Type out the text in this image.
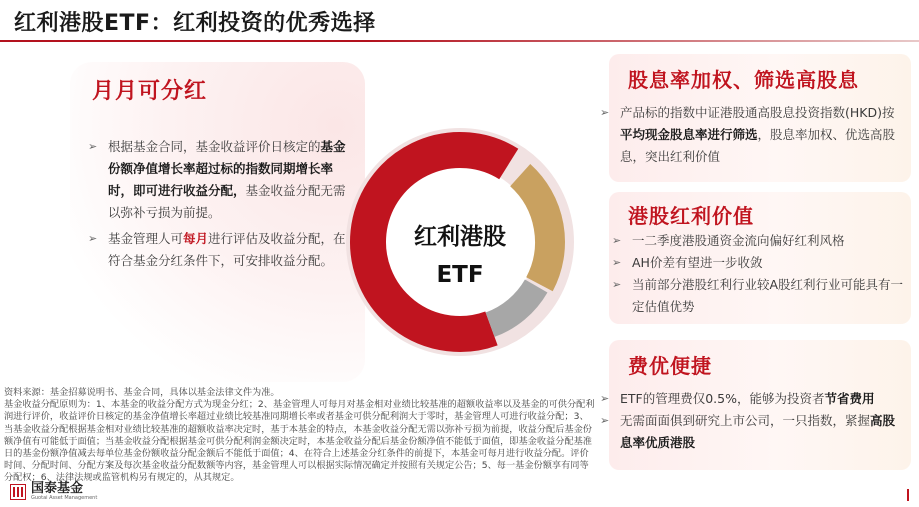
红利港股ETF：红利投资的优秀选择
月月可分红
➢ 根据基金合同，基金收益评价日核定的基金份额净值增长率超过标的指数同期增长率时，即可进行收益分配，基金收益分配无需以弥补亏损为前提。
➢ 基金管理人可每月进行评估及收益分配，在符合基金分红条件下，可安排收益分配。
红利港股
ETF
股息率加权、筛选高股息
➢ 产品标的指数中证港股通高股息投资指数(HKD)按平均现金股息率进行筛选，股息率加权、优选高股息，突出红利价值
港股红利价值
➢ 一二季度港股通资金流向偏好红利风格
➢ AH价差有望进一步收敛
➢ 当前部分港股红利行业较A股红利行业可能具有一定估值优势
费优便捷
➢ ETF的管理费仅0.5%，能够为投资者节省费用
➢ 无需面面俱到研究上市公司，一只指数，紧握高股息率优质港股
资料来源：基金招募说明书、基金合同，具体以基金法律文件为准。
基金收益分配原则为：1、本基金的收益分配方式为现金分红；2、基金管理人可每月对基金相对业绩比较基准的超额收益率以及基金的可供分配利润进行评价，收益评价日核定的基金净值增长率超过业绩比较基准同期增长率或者基金可供分配利润大于零时，基金管理人可进行收益分配；3、当基金收益分配根据基金相对业绩比较基准的超额收益率决定时，基于本基金的特点，本基金收益分配无需以弥补亏损为前提，收益分配后基金份额净值有可能低于面值；当基金收益分配根据基金可供分配利润金额决定时，本基金收益分配后基金份额净值不能低于面值，即基金收益分配基准日的基金份额净值减去每单位基金份额收益分配金额后不能低于面值；4、在符合上述基金分红条件的前提下，本基金可每月进行收益分配。评价时间、分配时间、分配方案及每次基金收益分配数额等内容，基金管理人可以根据实际情况确定并按照有关规定公告；5、每一基金份额享有同等分配权；6、法律法规或监管机构另有规定的，从其规定。
国泰基金
Guotai Asset Management
